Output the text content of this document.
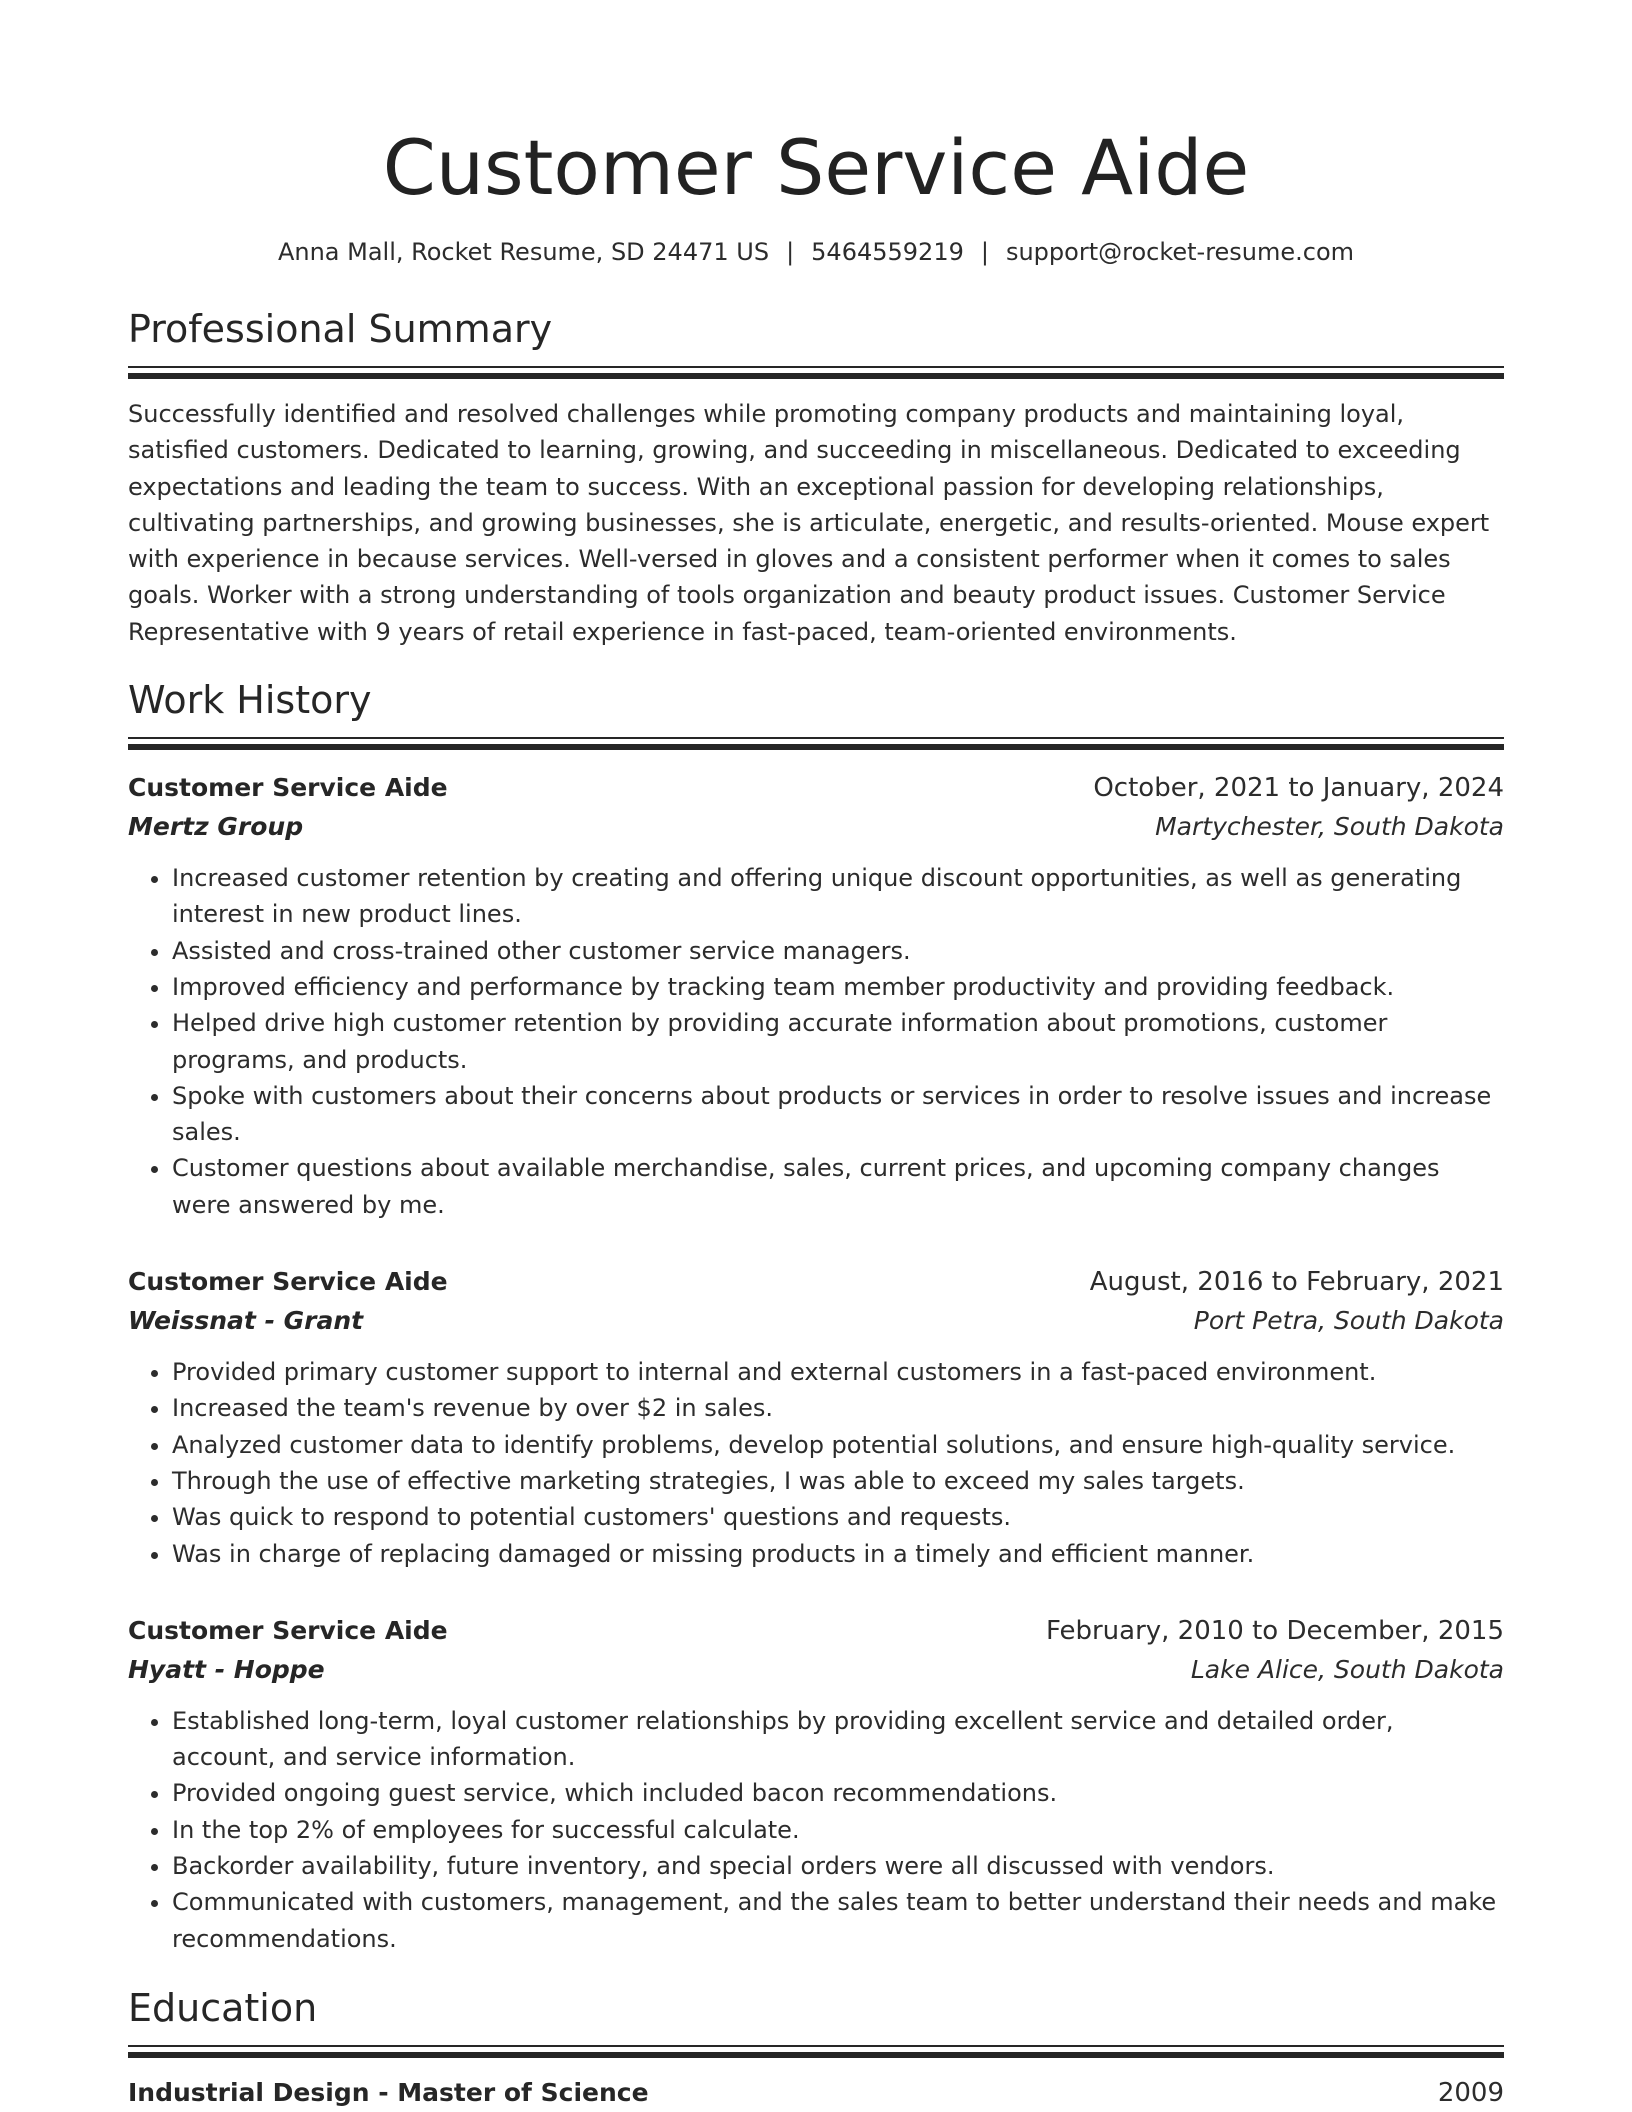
Customer Service Aide
Anna Mall, Rocket Resume, SD 24471 US | 5464559219 | support@rocket-resume.com
Professional Summary

Successfully identified and resolved challenges while promoting company products and maintaining loyal, satisfied customers. Dedicated to learning, growing, and succeeding in miscellaneous. Dedicated to exceeding expectations and leading the team to success. With an exceptional passion for developing relationships, cultivating partnerships, and growing businesses, she is articulate, energetic, and results-oriented. Mouse expert with experience in because services. Well-versed in gloves and a consistent performer when it comes to sales goals. Worker with a strong understanding of tools organization and beauty product issues. Customer Service Representative with 9 years of retail experience in fast-paced, team-oriented environments.

Work History
Customer Service Aide	October, 2021 to January, 2024
Mertz Group	Martychester, South Dakota
• Increased customer retention by creating and offering unique discount opportunities, as well as generating interest in new product lines.
• Assisted and cross-trained other customer service managers.
• Improved efficiency and performance by tracking team member productivity and providing feedback.
• Helped drive high customer retention by providing accurate information about promotions, customer programs, and products.
• Spoke with customers about their concerns about products or services in order to resolve issues and increase sales.
• Customer questions about available merchandise, sales, current prices, and upcoming company changes were answered by me.
Customer Service Aide	August, 2016 to February, 2021
Weissnat - Grant	Port Petra, South Dakota
• Provided primary customer support to internal and external customers in a fast-paced environment.
• Increased the team's revenue by over $2 in sales.
• Analyzed customer data to identify problems, develop potential solutions, and ensure high-quality service.
• Through the use of effective marketing strategies, I was able to exceed my sales targets.
• Was quick to respond to potential customers' questions and requests.
• Was in charge of replacing damaged or missing products in a timely and efficient manner.
Customer Service Aide	February, 2010 to December, 2015
Hyatt - Hoppe	Lake Alice, South Dakota
• Established long-term, loyal customer relationships by providing excellent service and detailed order, account, and service information.
• Provided ongoing guest service, which included bacon recommendations.
• In the top 2% of employees for successful calculate.
• Backorder availability, future inventory, and special orders were all discussed with vendors.
• Communicated with customers, management, and the sales team to better understand their needs and make recommendations.
Education
Industrial Design - Master of Science	2009
